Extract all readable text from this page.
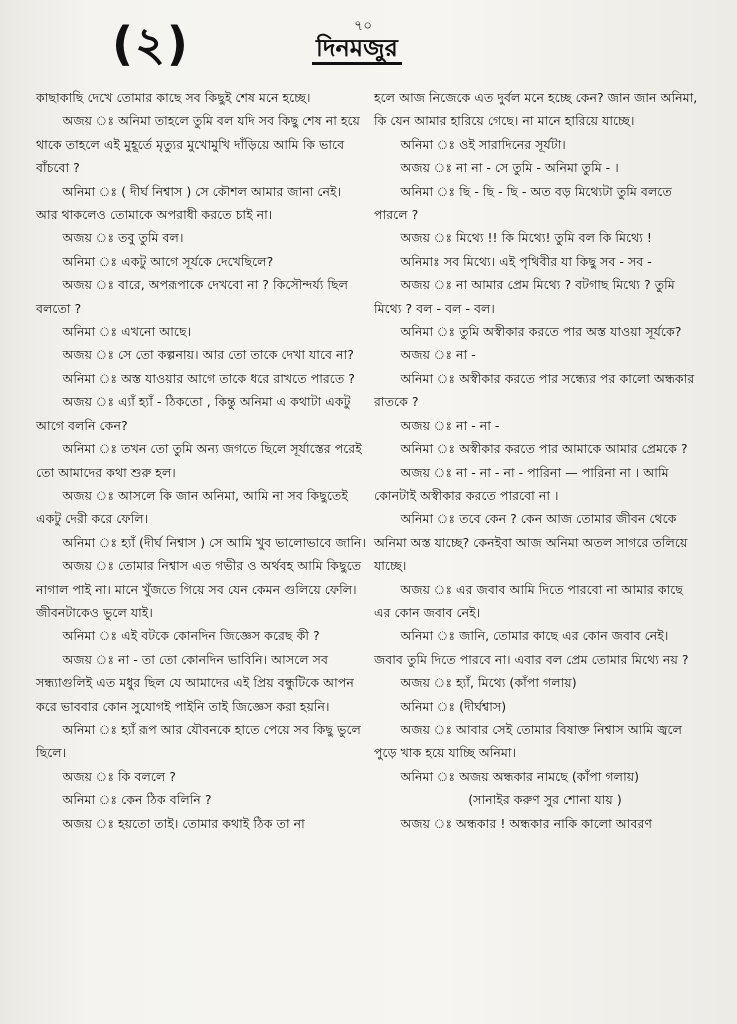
(২)	৭০
দিনমজুর

কাছাকাছি দেখে তোমার কাছে সব কিছুই শেষ মনে হচ্ছে।

অজয় ঃ অনিমা তাহলে তুমি বল যদি সব কিছু শেষ না হয়ে থাকে তাহলে এই মুহূর্তে মৃত্যুর মুখোমুখি দাঁড়িয়ে আমি কি ভাবে বাঁচবো ?

অনিমা ঃ ( দীর্ঘ নিশ্বাস ) সে কৌশল আমার জানা নেই। আর থাকলেও তোমাকে অপরাধী করতে চাই না।

অজয় ঃ তবু তুমি বল।

অনিমা ঃ একটু আগে সূর্যকে দেখেছিলে?

অজয় ঃ বারে, অপরূপাকে দেখবো না ? কিসৌন্দর্য্য ছিল বলতো ?

অনিমা ঃ এখনো আছে।

অজয় ঃ সে তো কল্পনায়। আর তো তাকে দেখা যাবে না?

অনিমা ঃ অস্ত যাওয়ার আগে তাকে ধরে রাখতে পারতে ?

অজয় ঃ এ্যাঁ হ্যাঁ - ঠিকতো , কিন্তু অনিমা এ কথাটা একটু আগে বলনি কেন?

অনিমা ঃ তখন তো তুমি অন্য জগতে ছিলে সূর্যাস্তের পরেই তো আমাদের কথা শুরু হল।

অজয় ঃ আসলে কি জান অনিমা, আমি না সব কিছুতেই একটু দেরী করে ফেলি।

অনিমা ঃ হ্যাঁ (দীর্ঘ নিশ্বাস ) সে আমি খুব ভালোভাবে জানি।

অজয় ঃ তোমার নিশ্বাস এত গভীর ও অর্থবহ আমি কিছুতে নাগাল পাই না। মানে খুঁজতে গিয়ে সব যেন কেমন গুলিয়ে ফেলি। জীবনটাকেও ভুলে যাই।

অনিমা ঃ এই বটকে কোনদিন জিজ্ঞেস করেছ কী ?

অজয় ঃ না - তা তো কোনদিন ভাবিনি। আসলে সব সন্ধ্যাগুলিই এত মধুর ছিল যে আমাদের এই প্রিয় বন্ধুটিকে আপন করে ভাববার কোন সুযোগই পাইনি তাই জিজ্ঞেস করা হয়নি।

অনিমা ঃ হ্যাঁ রূপ আর যৌবনকে হাতে পেয়ে সব কিছু ভুলে ছিলে।

অজয় ঃ কি বললে ?

অনিমা ঃ কেন ঠিক বলিনি ?

অজয় ঃ হয়তো তাই। তোমার কথাই ঠিক তা না

হলে আজ নিজেকে এত দুর্বল মনে হচ্ছে কেন? জান জান অনিমা, কি যেন আমার হারিয়ে গেছে। না মানে হারিয়ে যাচ্ছে।

অনিমা ঃ ওই সারাদিনের সূর্যটা।

অজয় ঃ না না - সে তুমি - অনিমা তুমি - ।

অনিমা ঃ ছি - ছি - ছি - অত বড় মিথ্যেটা তুমি বলতে পারলে ?

অজয় ঃ মিথ্যে !! কি মিথ্যে! তুমি বল কি মিথ্যে !

অনিমাঃ সব মিথ্যে। এই পৃথিবীর যা কিছু সব - সব -

অজয় ঃ না আমার প্রেম মিথ্যে ? বটগাছ মিথ্যে ? তুমি মিথ্যে ? বল - বল - বল।

অনিমা ঃ তুমি অস্বীকার করতে পার অস্ত যাওয়া সূর্যকে?

অজয় ঃ না -

অনিমা ঃ অস্বীকার করতে পার সন্ধ্যের পর কালো অন্ধকার রাতকে ?

অজয় ঃ না - না -

অনিমা ঃ অস্বীকার করতে পার আমাকে আমার প্রেমকে ?

অজয় ঃ না - না - না - পারিনা — পারিনা না । আমি কোনটাই অস্বীকার করতে পারবো না ।

অনিমা ঃ তবে কেন ? কেন আজ তোমার জীবন থেকে অনিমা অস্ত যাচ্ছে? কেনইবা আজ অনিমা অতল সাগরে তলিয়ে যাচ্ছে।

অজয় ঃ এর জবাব আমি দিতে পারবো না আমার কাছে এর কোন জবাব নেই।

অনিমা ঃ জানি, তোমার কাছে এর কোন জবাব নেই। জবাব তুমি দিতে পারবে না। এবার বল প্রেম তোমার মিথ্যে নয় ?

অজয় ঃ হ্যাঁ, মিথ্যে (কাঁপা গলায়)

অনিমা ঃ (দীর্ঘশ্বাস)

অজয় ঃ আবার সেই তোমার বিষাক্ত নিশ্বাস আমি জ্বলে পুড়ে খাক হয়ে যাচ্ছি অনিমা।

অনিমা ঃ অজয় অন্ধকার নামছে (কাঁপা গলায়)

(সানাইর করুণ সুর শোনা যায় )

অজয় ঃ অন্ধকার ! অন্ধকার নাকি কালো আবরণ
